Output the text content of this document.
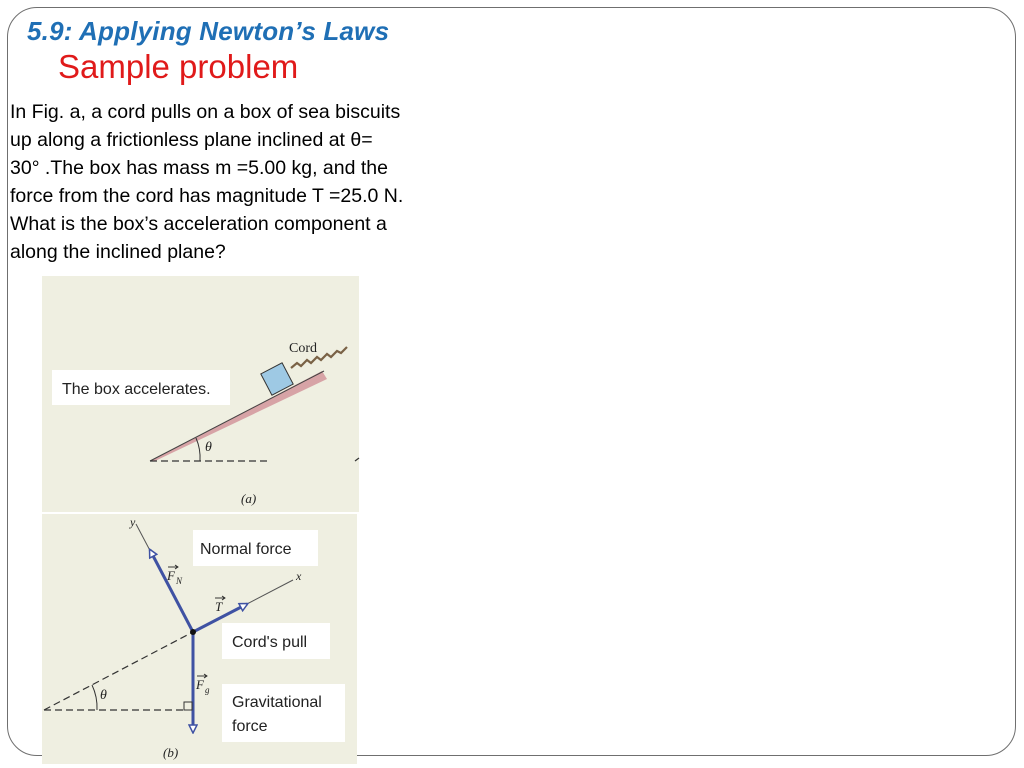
5.9: Applying Newton’s Laws
Sample problem

In Fig. a, a cord pulls on a box of sea biscuits
up along a frictionless plane inclined at θ=
30° .The box has mass m =5.00 kg, and the
force from the cord has magnitude T =25.0 N.
What is the box’s acceleration component a
along the inclined plane?

θ
Cord
The box accelerates.
(a)
θ
x
y
F N
T
F g
Normal force
Cord's pull
Gravitational
force
(b)
